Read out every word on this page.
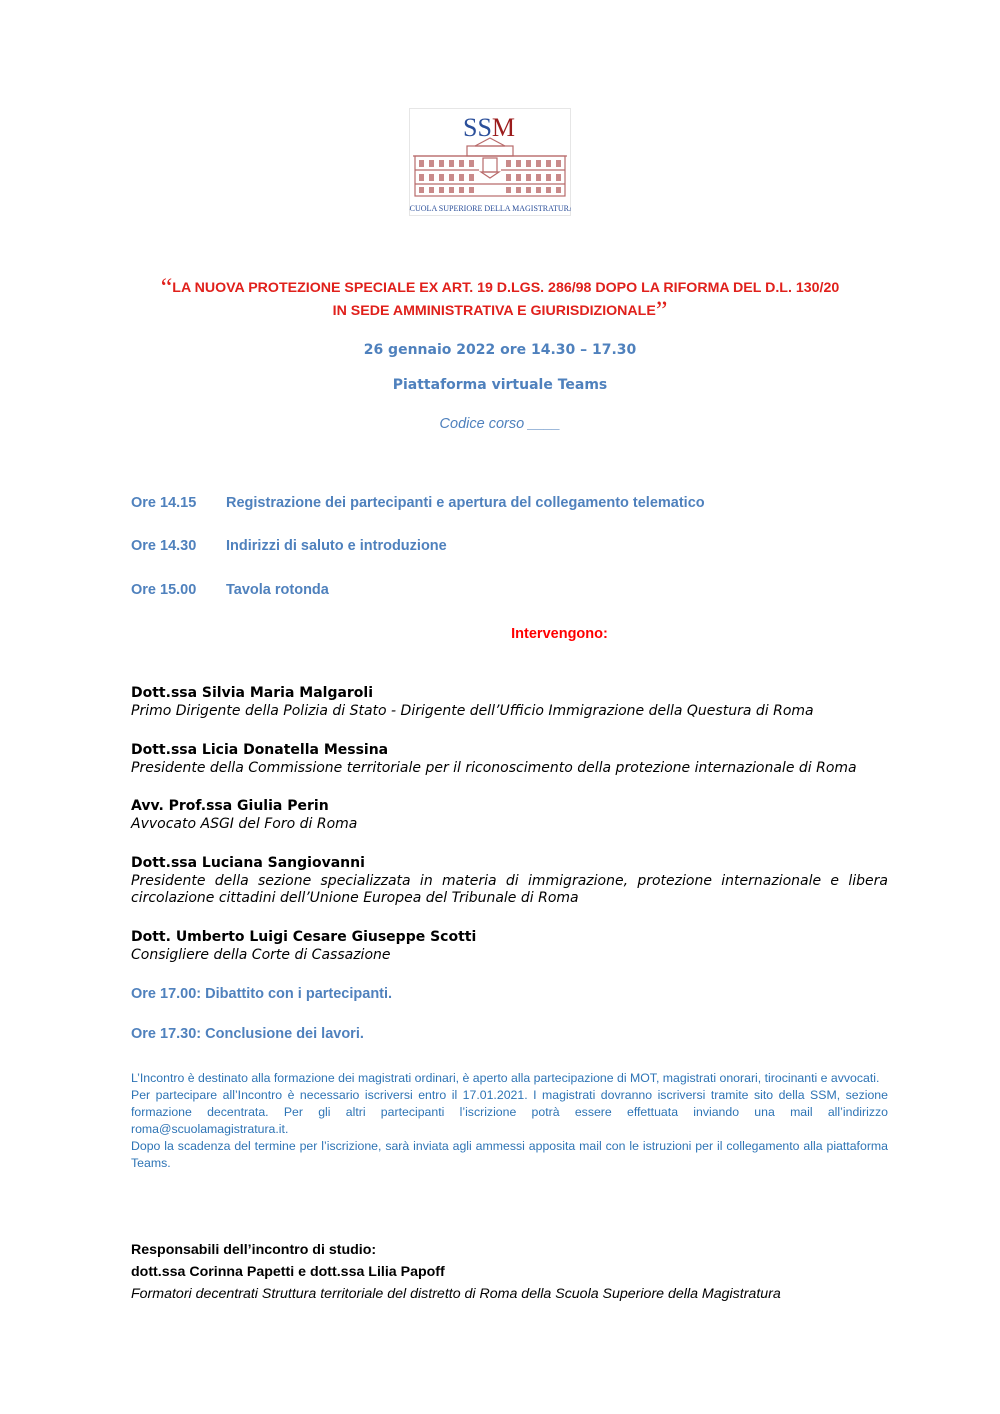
SSM
SCUOLA SUPERIORE DELLA MAGISTRATURA
“LA NUOVA PROTEZIONE SPECIALE EX ART. 19 D.LGS. 286/98 DOPO LA RIFORMA DEL D.L. 130/20
IN SEDE AMMINISTRATIVA E GIURISDIZIONALE”
26 gennaio 2022 ore 14.30 – 17.30
Piattaforma virtuale Teams
Codice corso ____
Ore 14.15 Registrazione dei partecipanti e apertura del collegamento telematico
Ore 14.30 Indirizzi di saluto e introduzione
Ore 15.00 Tavola rotonda
Intervengono:
Dott.ssa Silvia Maria Malgaroli
Primo Dirigente della Polizia di Stato - Dirigente dell’Ufficio Immigrazione della Questura di Roma
Dott.ssa Licia Donatella Messina
Presidente della Commissione territoriale per il riconoscimento della protezione internazionale di Roma
Avv. Prof.ssa Giulia Perin
Avvocato ASGI del Foro di Roma
Dott.ssa Luciana Sangiovanni
Presidente della sezione specializzata in materia di immigrazione, protezione internazionale e libera circolazione cittadini dell’Unione Europea del Tribunale di Roma
Dott. Umberto Luigi Cesare Giuseppe Scotti
Consigliere della Corte di Cassazione
Ore 17.00: Dibattito con i partecipanti.
Ore 17.30: Conclusione dei lavori.

L’Incontro è destinato alla formazione dei magistrati ordinari, è aperto alla partecipazione di MOT, magistrati onorari, tirocinanti e avvocati.

Per partecipare all’Incontro è necessario iscriversi entro il 17.01.2021. I magistrati dovranno iscriversi tramite sito della SSM, sezione formazione decentrata. Per gli altri partecipanti l’iscrizione potrà essere effettuata inviando una mail all’indirizzo roma@scuolamagistratura.it.

Dopo la scadenza del termine per l’iscrizione, sarà inviata agli ammessi apposita mail con le istruzioni per il collegamento alla piattaforma Teams.

Responsabili dell’incontro di studio:
dott.ssa Corinna Papetti e dott.ssa Lilia Papoff
Formatori decentrati Struttura territoriale del distretto di Roma della Scuola Superiore della Magistratura
